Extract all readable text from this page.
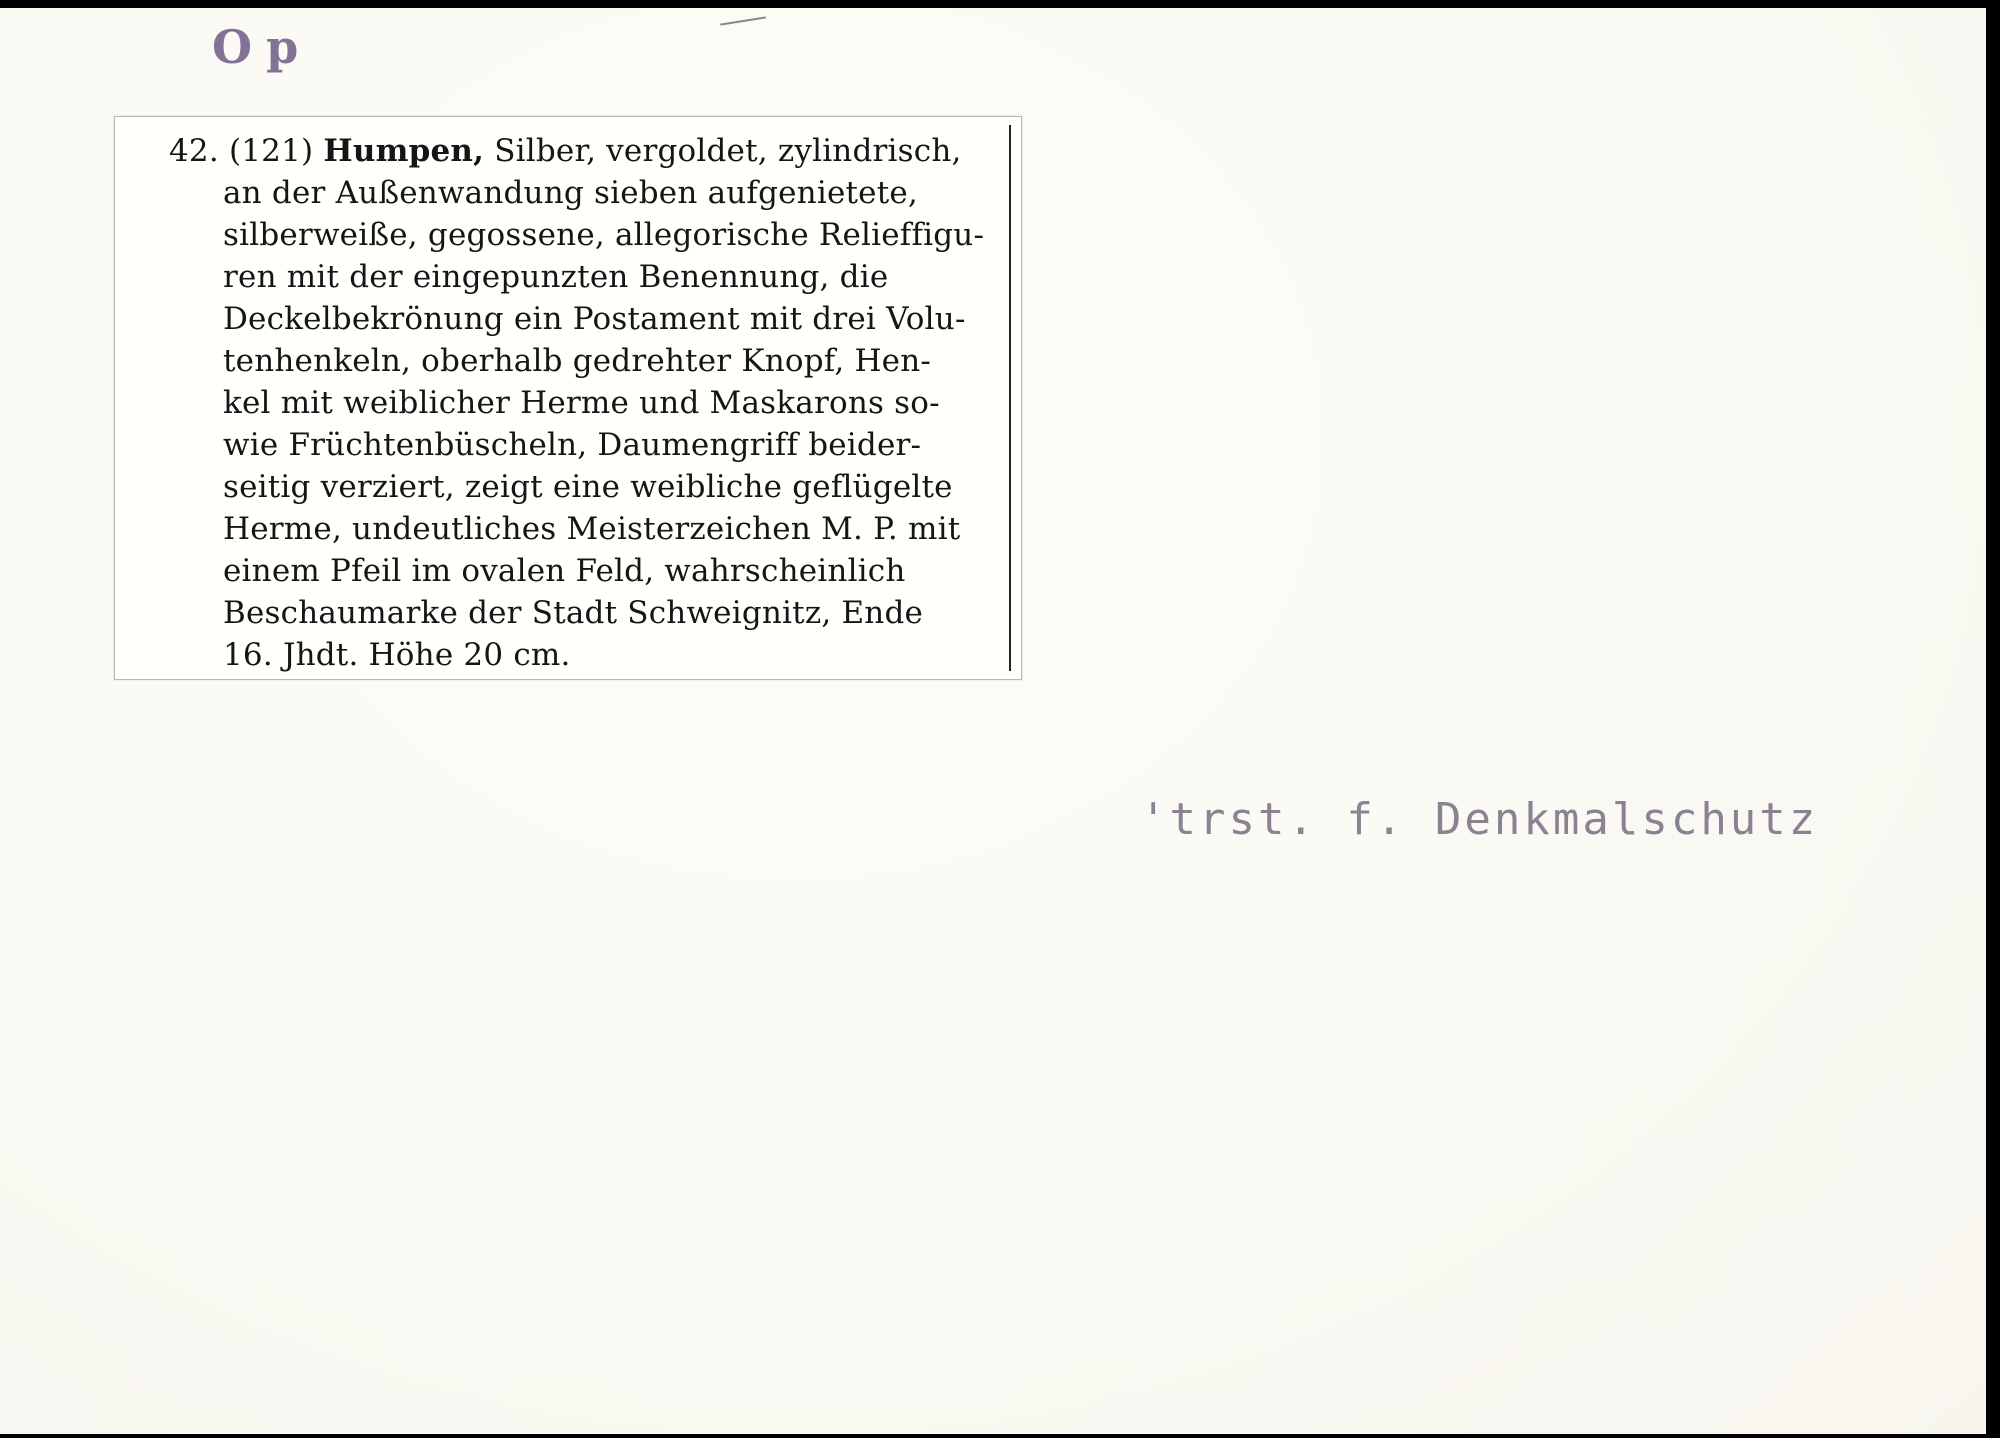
Op
42. (121) Humpen, Silber, vergoldet, zylindrisch,
an der Außenwandung sieben aufgenietete,
silberweiße, gegossene, allegorische Relieffigu-
ren mit der eingepunzten Benennung, die
Deckelbekrönung ein Postament mit drei Volu-
tenhenkeln, oberhalb gedrehter Knopf, Hen-
kel mit weiblicher Herme und Maskarons so-
wie Früchtenbüscheln, Daumengriff beider-
seitig verziert, zeigt eine weibliche geflügelte
Herme, undeutliches Meisterzeichen M. P. mit
einem Pfeil im ovalen Feld, wahrscheinlich
Beschaumarke der Stadt Schweignitz, Ende
16. Jhdt. Höhe 20 cm.
'trst. f. Denkmalschutz
